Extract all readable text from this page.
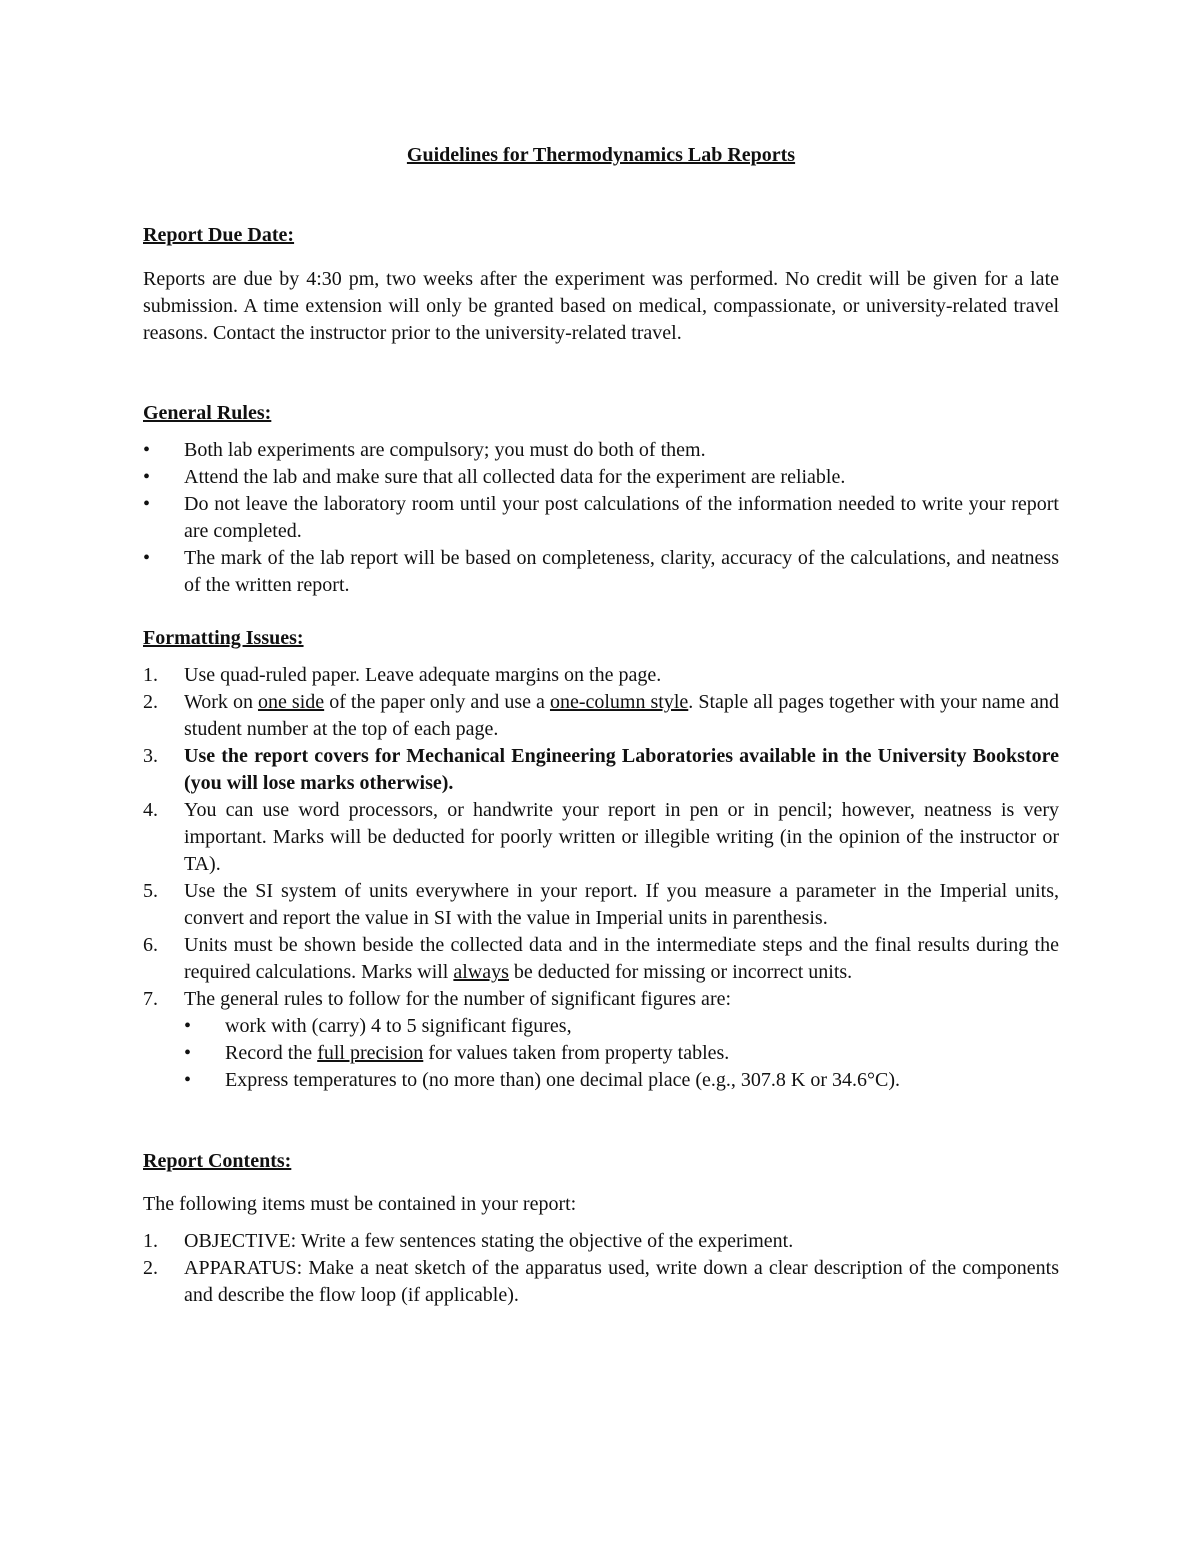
Guidelines for Thermodynamics Lab Reports

Report Due Date:

Reports are due by 4:30 pm, two weeks after the experiment was performed. No credit will be given for a late submission. A time extension will only be granted based on medical, compassionate, or university-related travel reasons. Contact the instructor prior to the university-related travel.

General Rules:

•	Both lab experiments are compulsory; you must do both of them.
•	Attend the lab and make sure that all collected data for the experiment are reliable.
•	Do not leave the laboratory room until your post calculations of the information needed to write your report are completed.
•	The mark of the lab report will be based on completeness, clarity, accuracy of the calculations, and neatness of the written report.

Formatting Issues:

1.	Use quad-ruled paper. Leave adequate margins on the page.
2.	Work on one side of the paper only and use a one-column style. Staple all pages together with your name and student number at the top of each page.
3.	Use the report covers for Mechanical Engineering Laboratories available in the University Bookstore (you will lose marks otherwise).
4.	You can use word processors, or handwrite your report in pen or in pencil; however, neatness is very important. Marks will be deducted for poorly written or illegible writing (in the opinion of the instructor or TA).
5.	Use the SI system of units everywhere in your report. If you measure a parameter in the Imperial units, convert and report the value in SI with the value in Imperial units in parenthesis.
6.	Units must be shown beside the collected data and in the intermediate steps and the final results during the required calculations. Marks will always be deducted for missing or incorrect units.
7.	The general rules to follow for the number of significant figures are:
•	work with (carry) 4 to 5 significant figures,
•	Record the full precision for values taken from property tables.
•	Express temperatures to (no more than) one decimal place (e.g., 307.8 K or 34.6°C).

Report Contents:

The following items must be contained in your report:

1.	OBJECTIVE: Write a few sentences stating the objective of the experiment.
2.	APPARATUS: Make a neat sketch of the apparatus used, write down a clear description of the components and describe the flow loop (if applicable).
